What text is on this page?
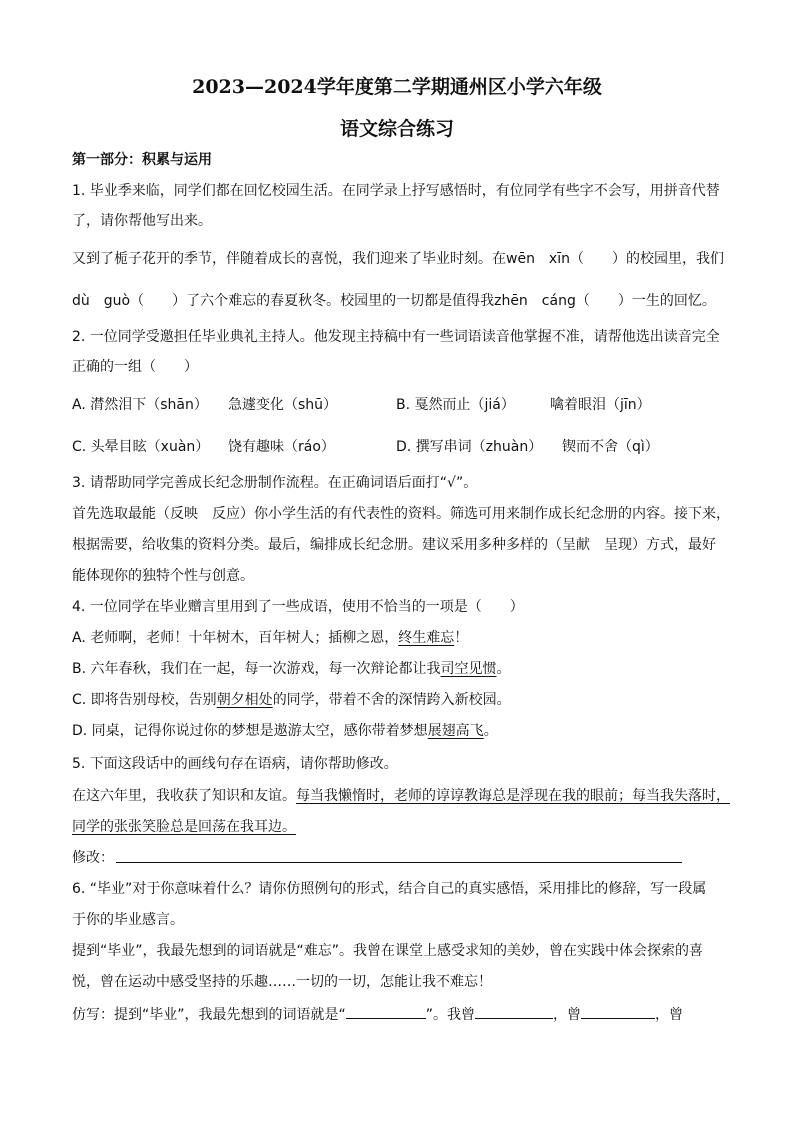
2023—2024学年度第二学期通州区小学六年级
语文综合练习
第一部分：积累与运用
1. 毕业季来临，同学们都在回忆校园生活。在同学录上抒写感悟时，有位同学有些字不会写，用拼音代替
了，请你帮他写出来。
又到了栀子花开的季节，伴随着成长的喜悦，我们迎来了毕业时刻。在wēn　xīn（　　）的校园里，我们
dù　guò（　　）了六个难忘的春夏秋冬。校园里的一切都是值得我zhēn　cáng（　　）一生的回忆。
2. 一位同学受邀担任毕业典礼主持人。他发现主持稿中有一些词语读音他掌握不准，请帮他选出读音完全
正确的一组（　　）
A. 潸然泪下（shān） 急遽变化（shū）	B. 戛然而止（jiá）	噙着眼泪（jīn）
C. 头晕目眩（xuàn） 饶有趣味（ráo）	D. 撰写串词（zhuàn） 锲而不舍（qì）
3. 请帮助同学完善成长纪念册制作流程。在正确词语后面打“√”。
首先选取最能（反映　反应）你小学生活的有代表性的资料。筛选可用来制作成长纪念册的内容。接下来，
根据需要，给收集的资料分类。最后，编排成长纪念册。建议采用多种多样的（呈献　呈现）方式，最好
能体现你的独特个性与创意。
4. 一位同学在毕业赠言里用到了一些成语，使用不恰当的一项是（　　）
A. 老师啊，老师！十年树木，百年树人；插柳之恩，终生难忘！
B. 六年春秋，我们在一起，每一次游戏，每一次辩论都让我司空见惯。
C. 即将告别母校，告别朝夕相处的同学，带着不舍的深情跨入新校园。
D. 同桌，记得你说过你的梦想是遨游太空，感你带着梦想展翅高飞。
5. 下面这段话中的画线句存在语病，请你帮助修改。
在这六年里，我收获了知识和友谊。每当我懒惰时，老师的谆谆教诲总是浮现在我的眼前；每当我失落时，
同学的张张笑脸总是回荡在我耳边。
修改：
6. “毕业”对于你意味着什么？请你仿照例句的形式，结合自己的真实感悟，采用排比的修辞，写一段属
于你的毕业感言。
提到“毕业”，我最先想到的词语就是“难忘”。我曾在课堂上感受求知的美妙，曾在实践中体会探索的喜
悦，曾在运动中感受坚持的乐趣……一切的一切，怎能让我不难忘！
仿写：提到“毕业”，我最先想到的词语就是“	”。我曾	，曾	，曾
